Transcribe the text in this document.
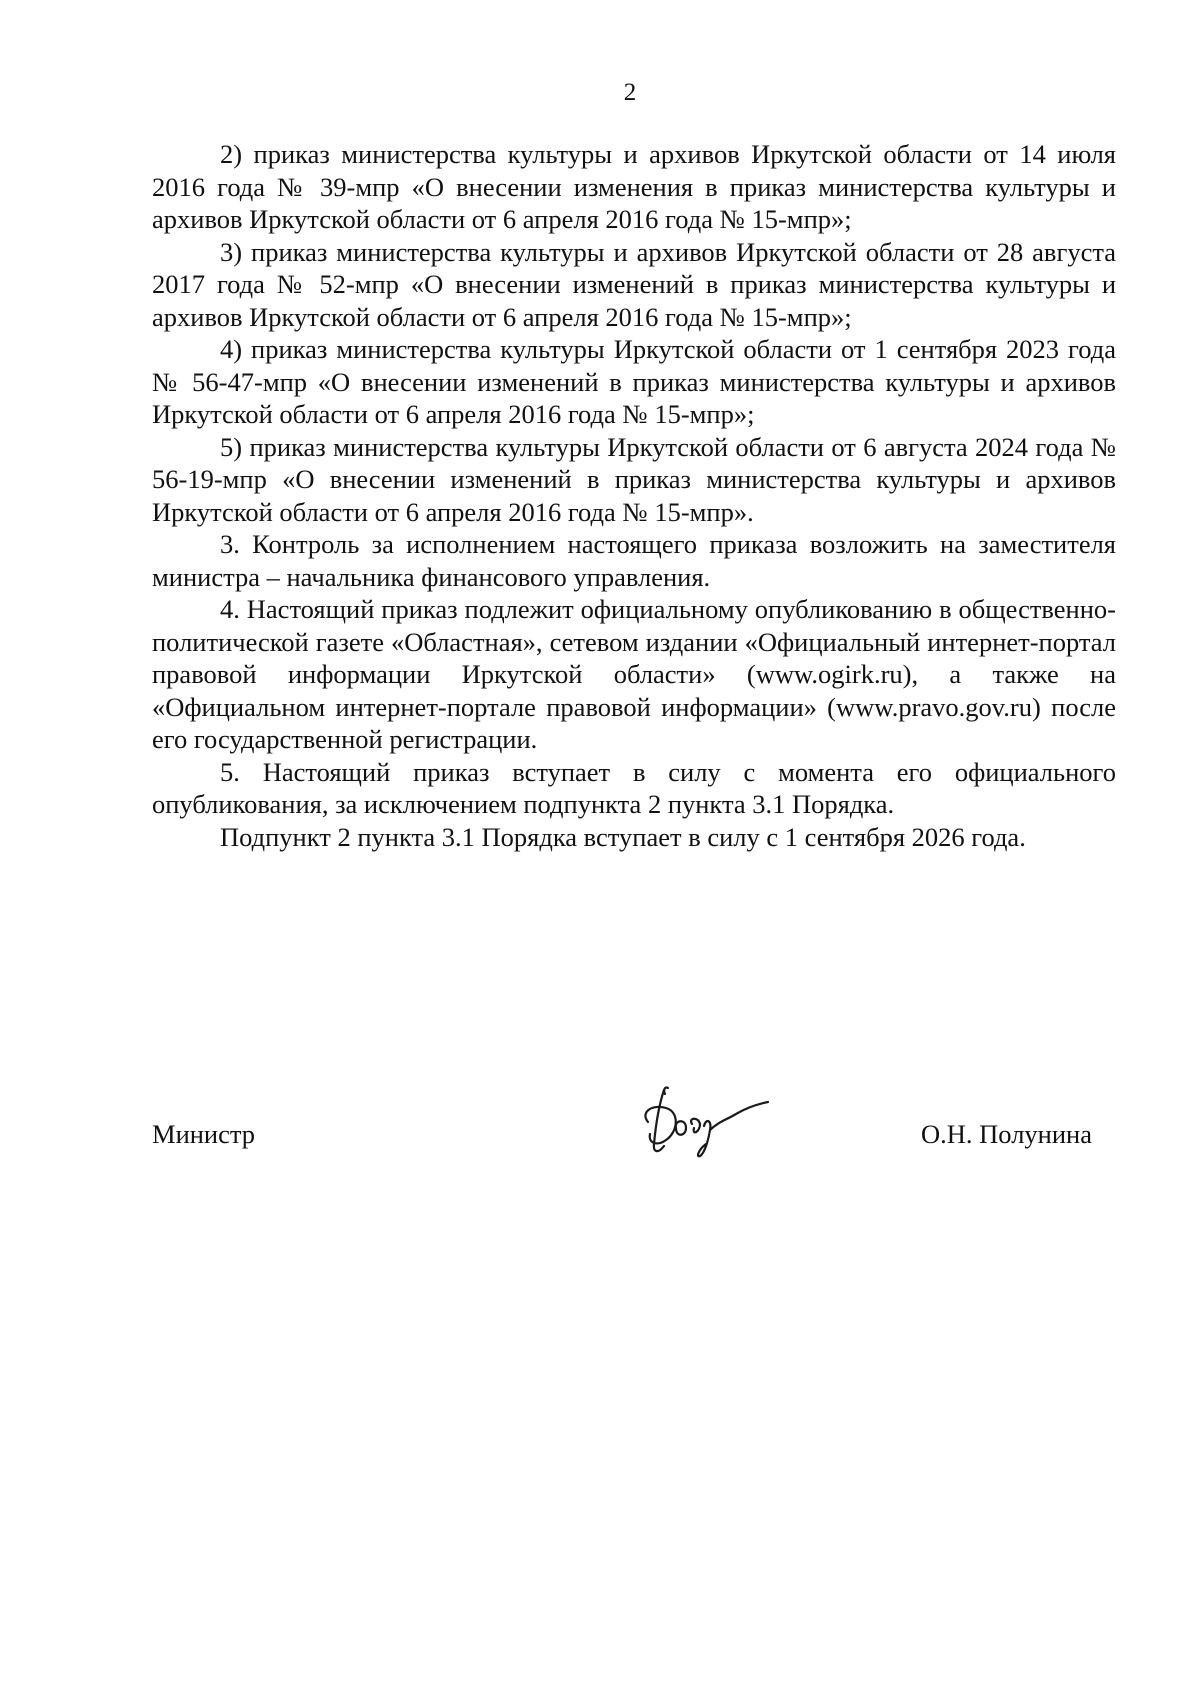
2

2) приказ министерства культуры и архивов Иркутской области от 14 июля 2016 года № 39-мпр «О внесении изменения в приказ министерства культуры и архивов Иркутской области от 6 апреля 2016 года № 15-мпр»;

3) приказ министерства культуры и архивов Иркутской области от 28 августа 2017 года № 52-мпр «О внесении изменений в приказ министерства культуры и архивов Иркутской области от 6 апреля 2016 года № 15-мпр»;

4) приказ министерства культуры Иркутской области от 1 сентября 2023 года № 56-47-мпр «О внесении изменений в приказ министерства культуры и архивов Иркутской области от 6 апреля 2016 года № 15-мпр»;

5) приказ министерства культуры Иркутской области от 6 августа 2024 года № 56-19-мпр «О внесении изменений в приказ министерства культуры и архивов Иркутской области от 6 апреля 2016 года № 15-мпр».

3. Контроль за исполнением настоящего приказа возложить на заместителя министра – начальника финансового управления.

4. Настоящий приказ подлежит официальному опубликованию в общественно-политической газете «Областная», сетевом издании «Официальный интернет-портал правовой информации Иркутской области» (www.ogirk.ru), а также на «Официальном интернет-портале правовой информации» (www.pravo.gov.ru) после его государственной регистрации.

5. Настоящий приказ вступает в силу с момента его официального опубликования, за исключением подпункта 2 пункта 3.1 Порядка.

Подпункт 2 пункта 3.1 Порядка вступает в силу с 1 сентября 2026 года.

Министр	О.Н. Полунина
